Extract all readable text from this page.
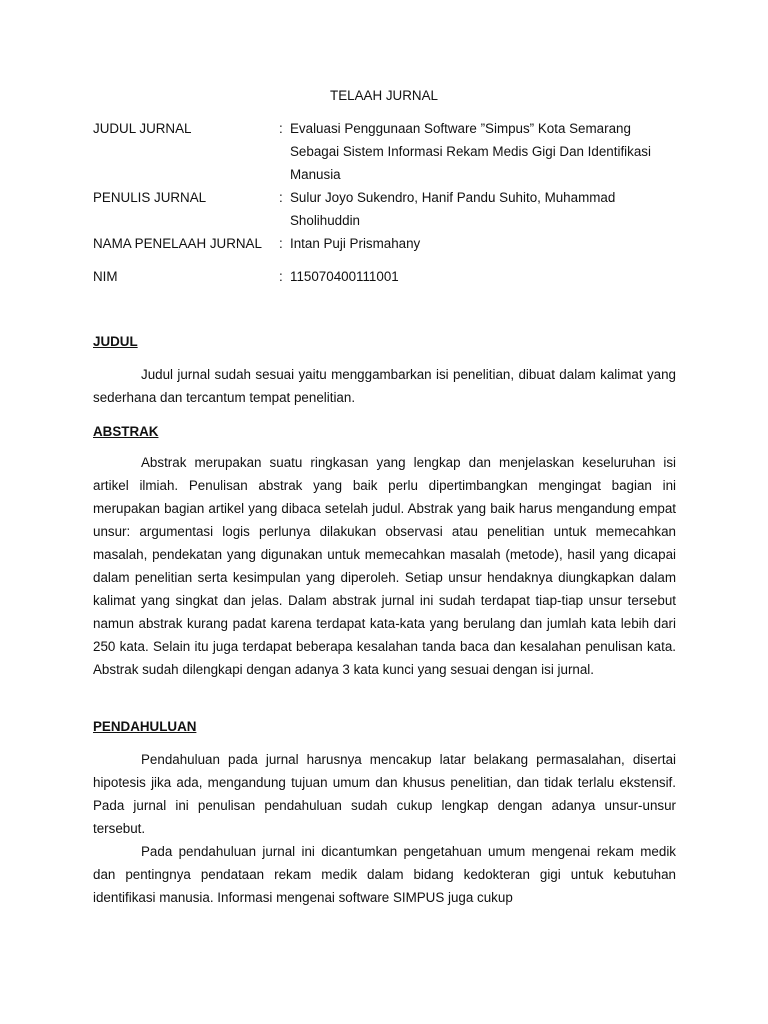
TELAAH JURNAL
JUDUL JURNAL	: Evaluasi Penggunaan Software ”Simpus” Kota Semarang Sebagai Sistem Informasi Rekam Medis Gigi Dan Identifikasi Manusia
PENULIS JURNAL	: Sulur Joyo Sukendro, Hanif Pandu Suhito, Muhammad Sholihuddin
NAMA PENELAAH JURNAL	: Intan Puji Prismahany
NIM	: 115070400111001
JUDUL

Judul jurnal sudah sesuai yaitu menggambarkan isi penelitian, dibuat dalam kalimat yang sederhana dan tercantum tempat penelitian.

ABSTRAK

Abstrak merupakan suatu ringkasan yang lengkap dan menjelaskan keseluruhan isi artikel ilmiah. Penulisan abstrak yang baik perlu dipertimbangkan mengingat bagian ini merupakan bagian artikel yang dibaca setelah judul. Abstrak yang baik harus mengandung empat unsur: argumentasi logis perlunya dilakukan observasi atau penelitian untuk memecahkan masalah, pendekatan yang digunakan untuk memecahkan masalah (metode), hasil yang dicapai dalam penelitian serta kesimpulan yang diperoleh. Setiap unsur hendaknya diungkapkan dalam kalimat yang singkat dan jelas. Dalam abstrak jurnal ini sudah terdapat tiap-tiap unsur tersebut namun abstrak kurang padat karena terdapat kata-kata yang berulang dan jumlah kata lebih dari 250 kata. Selain itu juga terdapat beberapa kesalahan tanda baca dan kesalahan penulisan kata. Abstrak sudah dilengkapi dengan adanya 3 kata kunci yang sesuai dengan isi jurnal.

PENDAHULUAN

Pendahuluan pada jurnal harusnya mencakup latar belakang permasalahan, disertai hipotesis jika ada, mengandung tujuan umum dan khusus penelitian, dan tidak terlalu ekstensif. Pada jurnal ini penulisan pendahuluan sudah cukup lengkap dengan adanya unsur-unsur tersebut.

Pada pendahuluan jurnal ini dicantumkan pengetahuan umum mengenai rekam medik dan pentingnya pendataan rekam medik dalam bidang kedokteran gigi untuk kebutuhan identifikasi manusia. Informasi mengenai software SIMPUS juga cukup
